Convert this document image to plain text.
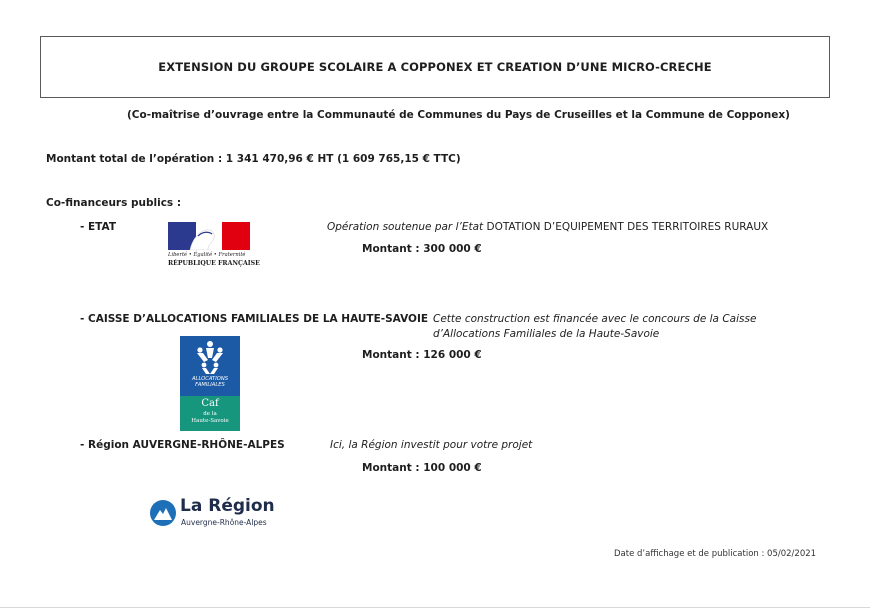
EXTENSION DU GROUPE SCOLAIRE A COPPONEX ET CREATION D’UNE MICRO-CRECHE
(Co-maîtrise d’ouvrage entre la Communauté de Communes du Pays de Cruseilles et la Commune de Copponex)
Montant total de l’opération : 1 341 470,96 € HT (1 609 765,15 € TTC)
Co-financeurs publics :
- ETAT
Liberté • Égalité • Fraternité
RÉPUBLIQUE FRANÇAISE
Opération soutenue par l’Etat DOTATION D’EQUIPEMENT DES TERRITOIRES RURAUX
Montant : 300 000 €
- CAISSE D’ALLOCATIONS FAMILIALES DE LA HAUTE-SAVOIE Cette construction est financée avec le concours de la Caisse
d’Allocations Familiales de la Haute-Savoie
ALLOCATIONS
FAMILIALES
Caf
de la
Haute-Savoie
Montant : 126 000 €
- Région AUVERGNE-RHÔNE-ALPES	Ici, la Région investit pour votre projet
Montant : 100 000 €
La Région
Auvergne-Rhône-Alpes
Date d’affichage et de publication : 05/02/2021
